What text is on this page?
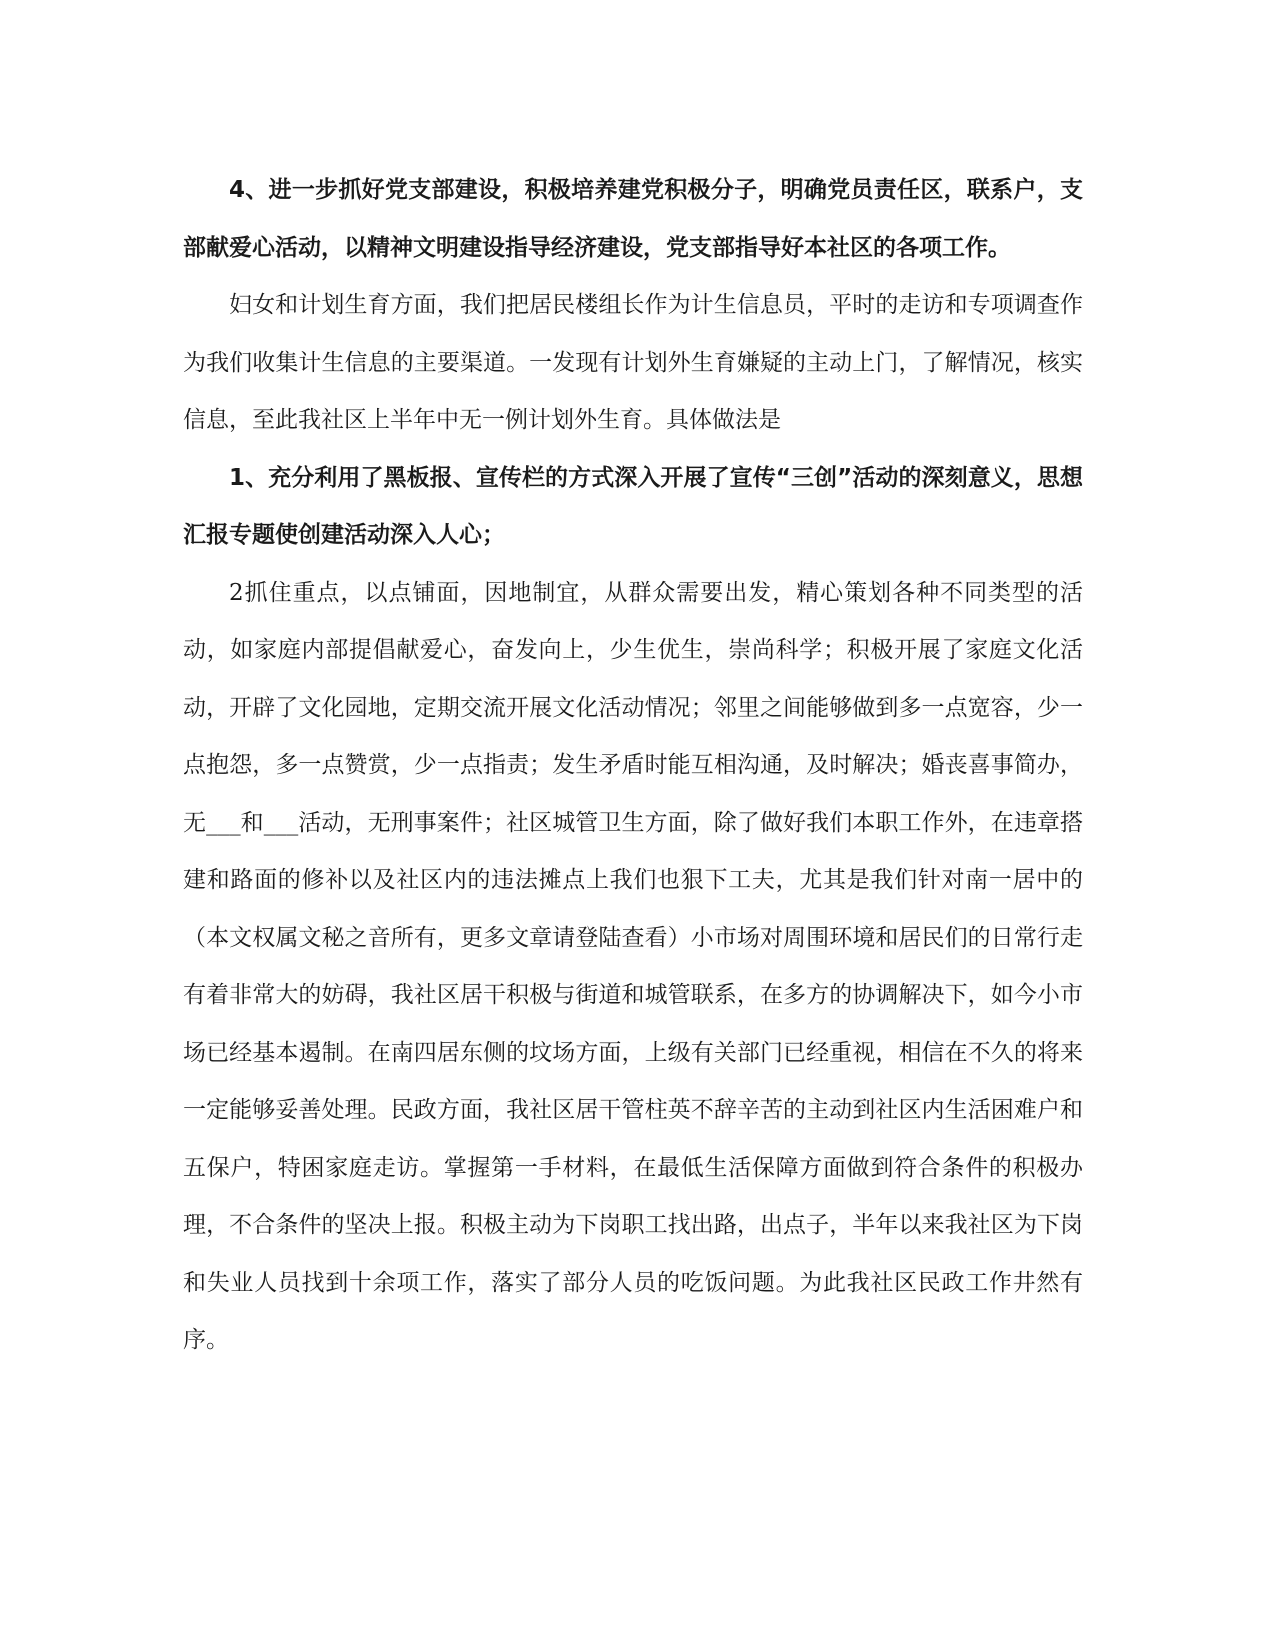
4、进一步抓好党支部建设，积极培养建党积极分子，明确党员责任区，联系户，支部献爱心活动，以精神文明建设指导经济建设，党支部指导好本社区的各项工作。

妇女和计划生育方面，我们把居民楼组长作为计生信息员，平时的走访和专项调查作为我们收集计生信息的主要渠道。一发现有计划外生育嫌疑的主动上门，了解情况，核实信息，至此我社区上半年中无一例计划外生育。具体做法是

1、充分利用了黑板报、宣传栏的方式深入开展了宣传“三创”活动的深刻意义，思想汇报专题使创建活动深入人心；

2抓住重点，以点铺面，因地制宜，从群众需要出发，精心策划各种不同类型的活动，如家庭内部提倡献爱心，奋发向上，少生优生，崇尚科学；积极开展了家庭文化活动，开辟了文化园地，定期交流开展文化活动情况；邻里之间能够做到多一点宽容，少一点抱怨，多一点赞赏，少一点指责；发生矛盾时能互相沟通，及时解决；婚丧喜事简办，无___和___活动，无刑事案件；社区城管卫生方面，除了做好我们本职工作外，在违章搭建和路面的修补以及社区内的违法摊点上我们也狠下工夫，尤其是我们针对南一居中的（本文权属文秘之音所有，更多文章请登陆查看）小市场对周围环境和居民们的日常行走有着非常大的妨碍，我社区居干积极与街道和城管联系，在多方的协调解决下，如今小市场已经基本遏制。在南四居东侧的坟场方面，上级有关部门已经重视，相信在不久的将来一定能够妥善处理。民政方面，我社区居干管柱英不辞辛苦的主动到社区内生活困难户和五保户，特困家庭走访。掌握第一手材料，在最低生活保障方面做到符合条件的积极办理，不合条件的坚决上报。积极主动为下岗职工找出路，出点子，半年以来我社区为下岗和失业人员找到十余项工作，落实了部分人员的吃饭问题。为此我社区民政工作井然有序。
